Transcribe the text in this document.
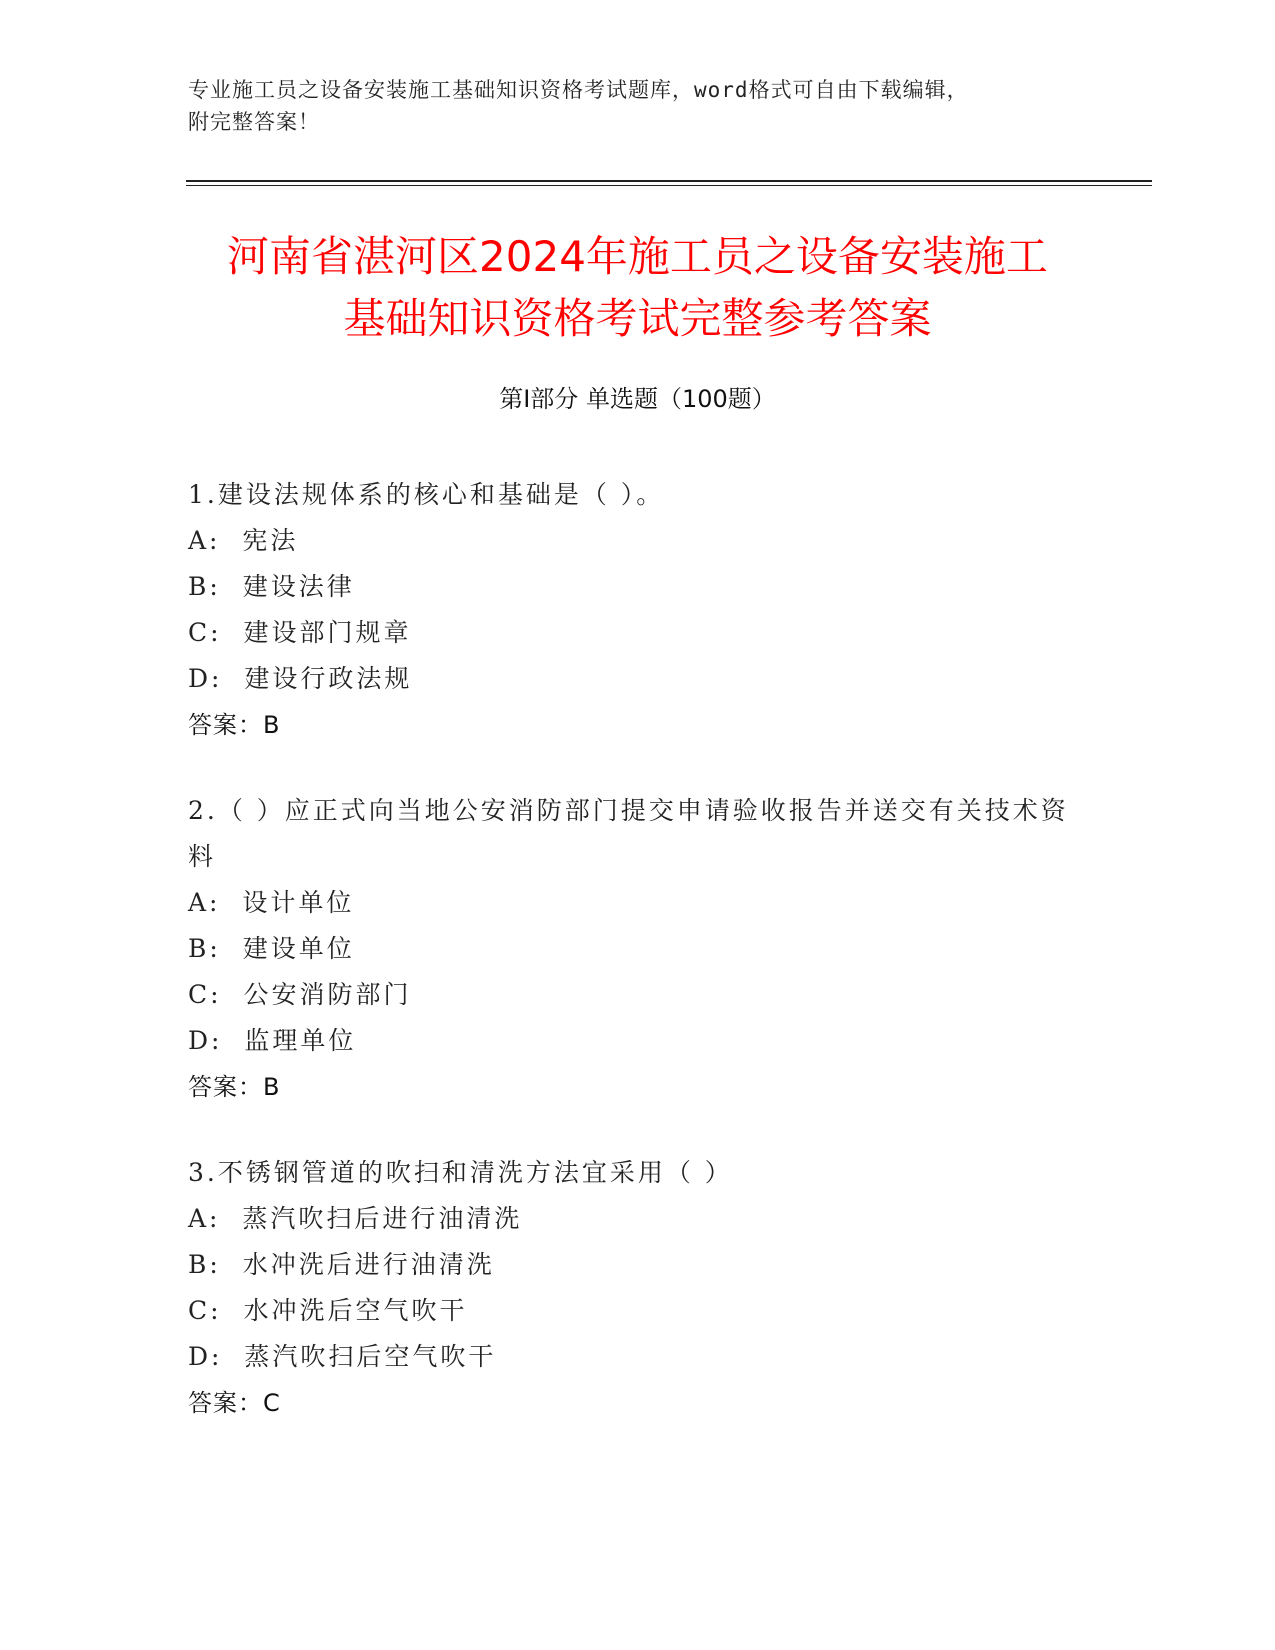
专业施工员之设备安装施工基础知识资格考试题库，word格式可自由下载编辑，
附完整答案！
河南省湛河区2024年施工员之设备安装施工
基础知识资格考试完整参考答案
第Ⅰ部分 单选题（100题）
1.建设法规体系的核心和基础是（ ）。
A:  宪法
B:  建设法律
C:  建设部门规章
D:  建设行政法规
答案：B
2.（ ）应正式向当地公安消防部门提交申请验收报告并送交有关技术资料
A:  设计单位
B:  建设单位
C:  公安消防部门
D:  监理单位
答案：B
3.不锈钢管道的吹扫和清洗方法宜采用（ ）
A:  蒸汽吹扫后进行油清洗
B:  水冲洗后进行油清洗
C:  水冲洗后空气吹干
D:  蒸汽吹扫后空气吹干
答案：C
